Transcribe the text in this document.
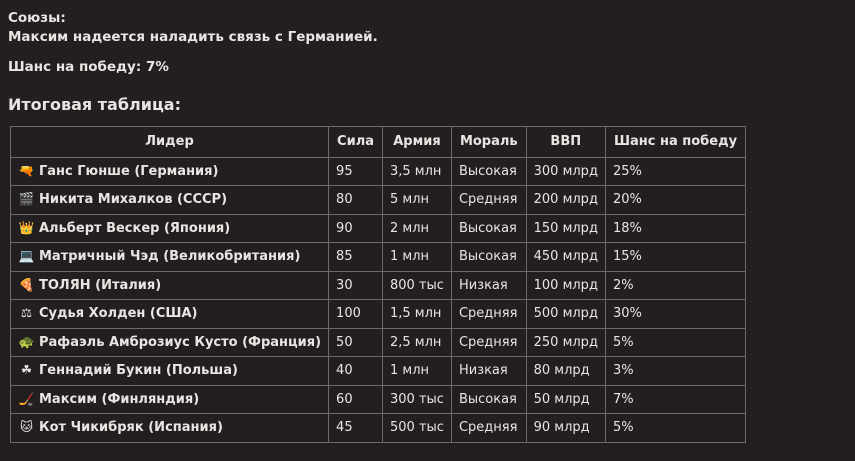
Союзы:
Максим надеется наладить связь с Германией.
Шанс на победу: 7%
Итоговая таблица:
Лидер	Сила	Армия	Мораль	ВВП	Шанс на победу
🔫 Ганс Гюнше (Германия)	95	3,5 млн	Высокая	300 млрд	25%
🎬 Никита Михалков (СССР)	80	5 млн	Средняя	200 млрд	20%
👑 Альберт Вескер (Япония)	90	2 млн	Высокая	150 млрд	18%
💻 Матричный Чэд (Великобритания)	85	1 млн	Высокая	450 млрд	15%
🍕 ТОЛЯН (Италия)	30	800 тыс	Низкая	100 млрд	2%
⚖ Судья Холден (США)	100	1,5 млн	Средняя	500 млрд	30%
🐢 Рафаэль Амброзиус Кусто (Франция)	50	2,5 млн	Средняя	250 млрд	5%
☘ Геннадий Букин (Польша)	40	1 млн	Низкая	80 млрд	3%
🏒 Максим (Финляндия)	60	300 тыс	Высокая	50 млрд	7%
🐱 Кот Чикибряк (Испания)	45	500 тыс	Средняя	90 млрд	5%
